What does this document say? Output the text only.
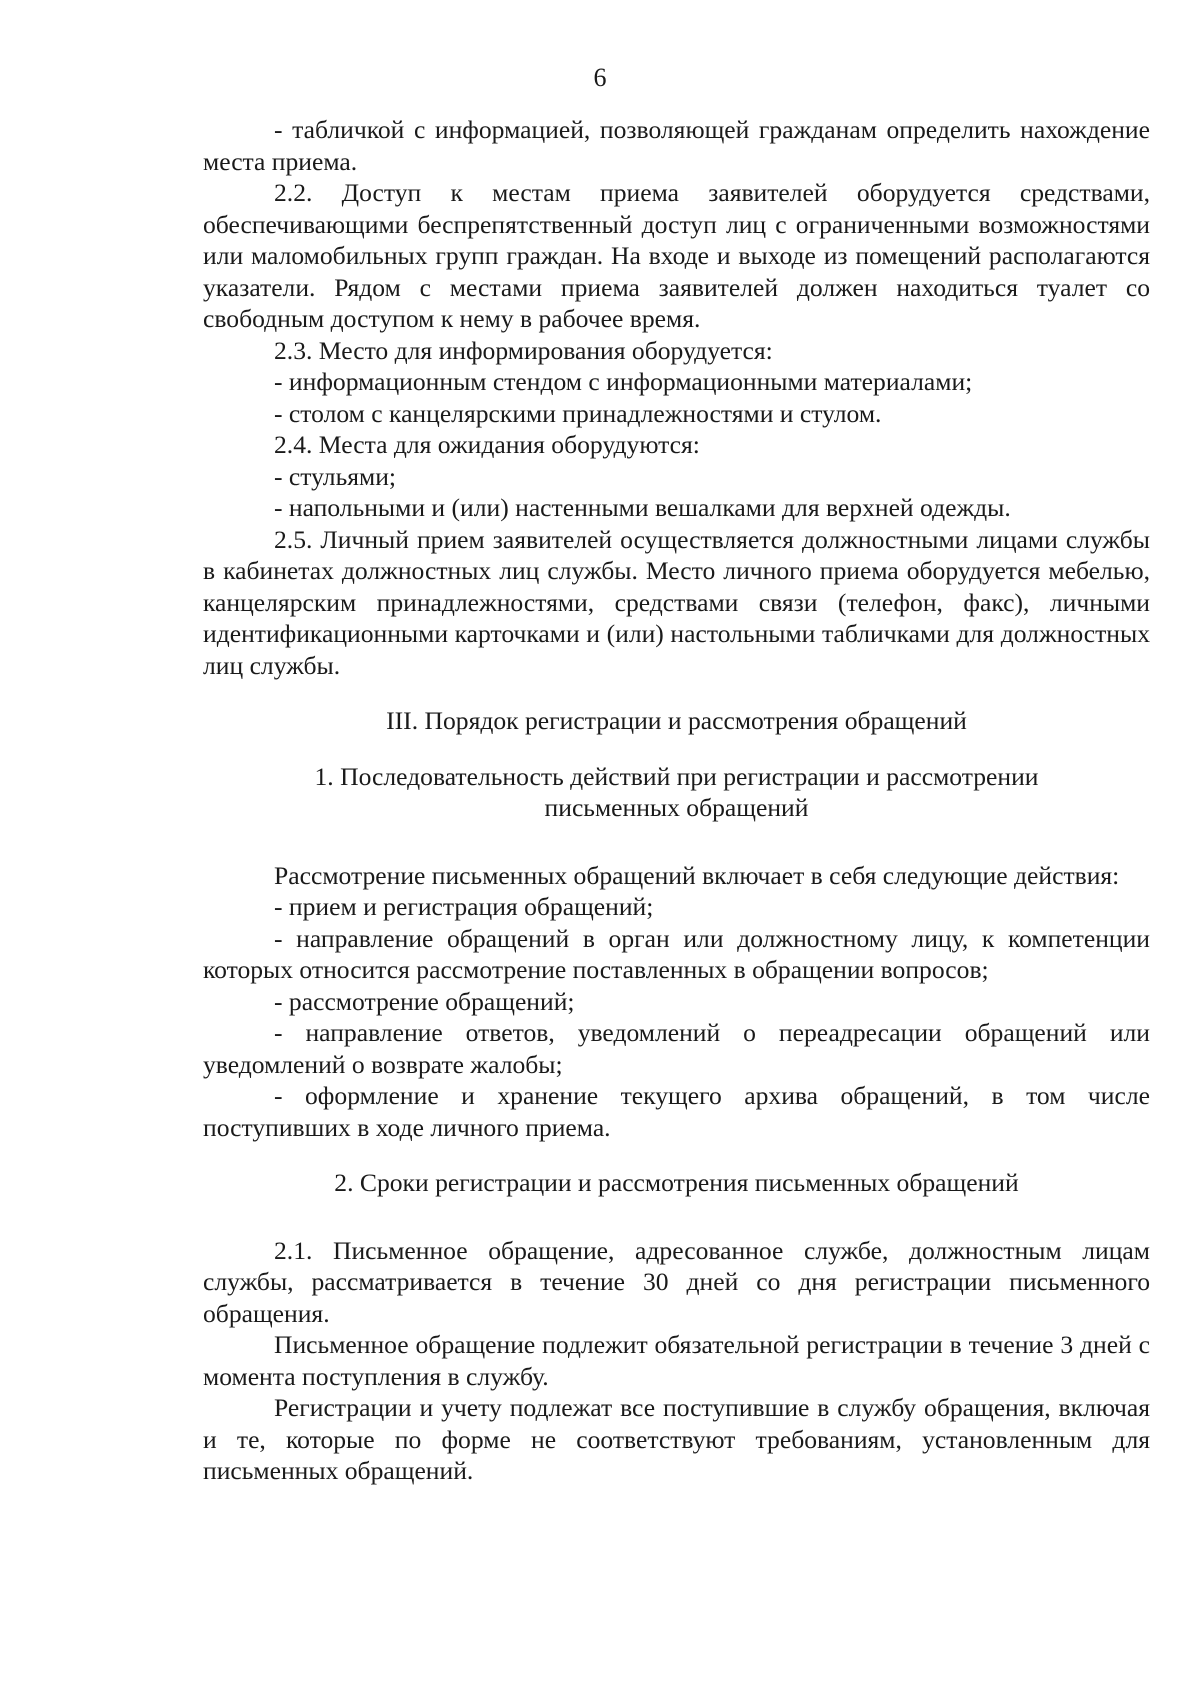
6

- табличкой с информацией, позволяющей гражданам определить нахождение места приема.

2.2. Доступ к местам приема заявителей оборудуется средствами, обеспечивающими беспрепятственный доступ лиц с ограниченными возможностями или маломобильных групп граждан. На входе и выходе из помещений располагаются указатели. Рядом с местами приема заявителей должен находиться туалет со свободным доступом к нему в рабочее время.

2.3. Место для информирования оборудуется:

- информационным стендом с информационными материалами;

- столом с канцелярскими принадлежностями и стулом.

2.4. Места для ожидания оборудуются:

- стульями;

- напольными и (или) настенными вешалками для верхней одежды.

2.5. Личный прием заявителей осуществляется должностными лицами службы в кабинетах должностных лиц службы. Место личного приема оборудуется мебелью, канцелярским принадлежностями, средствами связи (телефон, факс), личными идентификационными карточками и (или) настольными табличками для должностных лиц службы.

III. Порядок регистрации и рассмотрения обращений

1. Последовательность действий при регистрации и рассмотрении

письменных обращений

Рассмотрение письменных обращений включает в себя следующие действия:

- прием и регистрация обращений;

- направление обращений в орган или должностному лицу, к компетенции которых относится рассмотрение поставленных в обращении вопросов;

- рассмотрение обращений;

- направление ответов, уведомлений о переадресации обращений или уведомлений о возврате жалобы;

- оформление и хранение текущего архива обращений, в том числе поступивших в ходе личного приема.

2. Сроки регистрации и рассмотрения письменных обращений

2.1. Письменное обращение, адресованное службе, должностным лицам службы, рассматривается в течение 30 дней со дня регистрации письменного обращения.

Письменное обращение подлежит обязательной регистрации в течение 3 дней с момента поступления в службу.

Регистрации и учету подлежат все поступившие в службу обращения, включая и те, которые по форме не соответствуют требованиям, установленным для письменных обращений.
